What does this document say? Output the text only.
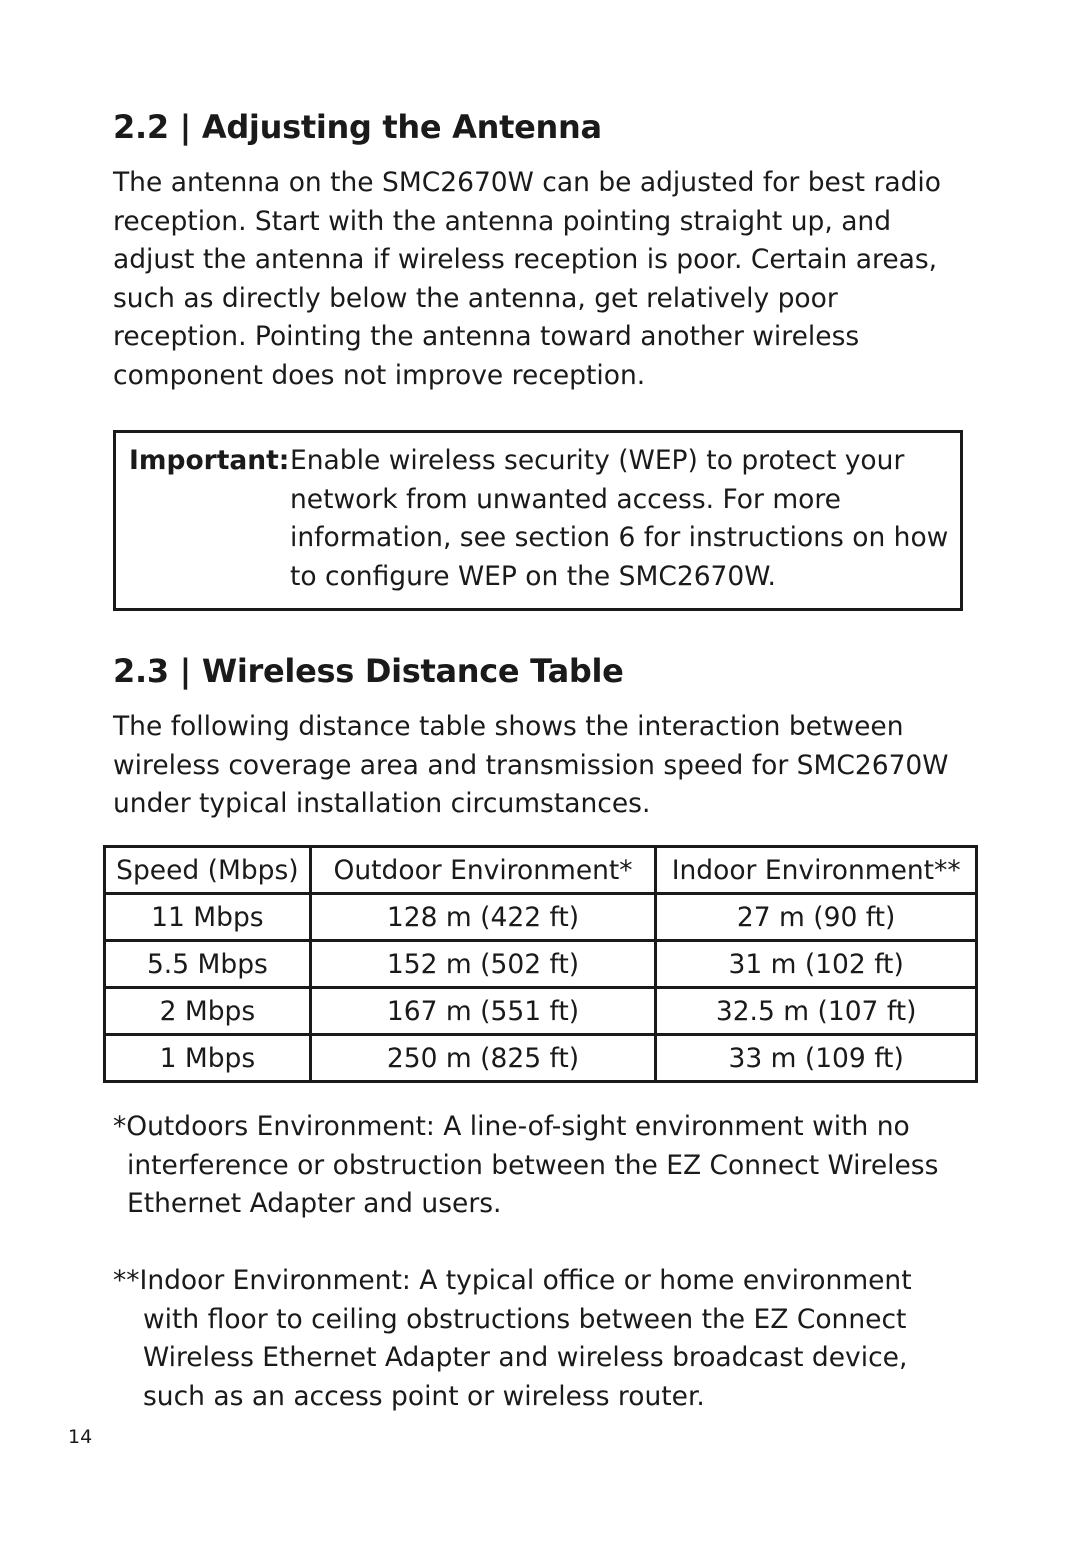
2.2 | Adjusting the Antenna

The antenna on the SMC2670W can be adjusted for best radio
reception. Start with the antenna pointing straight up, and
adjust the antenna if wireless reception is poor. Certain areas,
such as directly below the antenna, get relatively poor
reception. Pointing the antenna toward another wireless
component does not improve reception.

Important: Enable wireless security (WEP) to protect your
network from unwanted access. For more
information, see section 6 for instructions on how
to configure WEP on the SMC2670W.
2.3 | Wireless Distance Table

The following distance table shows the interaction between
wireless coverage area and transmission speed for SMC2670W
under typical installation circumstances.

Speed (Mbps)	Outdoor Environment*	Indoor Environment**
11 Mbps	128 m (422 ft)	27 m (90 ft)
5.5 Mbps	152 m (502 ft)	31 m (102 ft)
2 Mbps	167 m (551 ft)	32.5 m (107 ft)
1 Mbps	250 m (825 ft)	33 m (109 ft)

*Outdoors Environment: A line-of-sight environment with no
interference or obstruction between the EZ Connect Wireless
Ethernet Adapter and users.

**Indoor Environment: A typical office or home environment
with floor to ceiling obstructions between the EZ Connect
Wireless Ethernet Adapter and wireless broadcast device,
such as an access point or wireless router.

14
